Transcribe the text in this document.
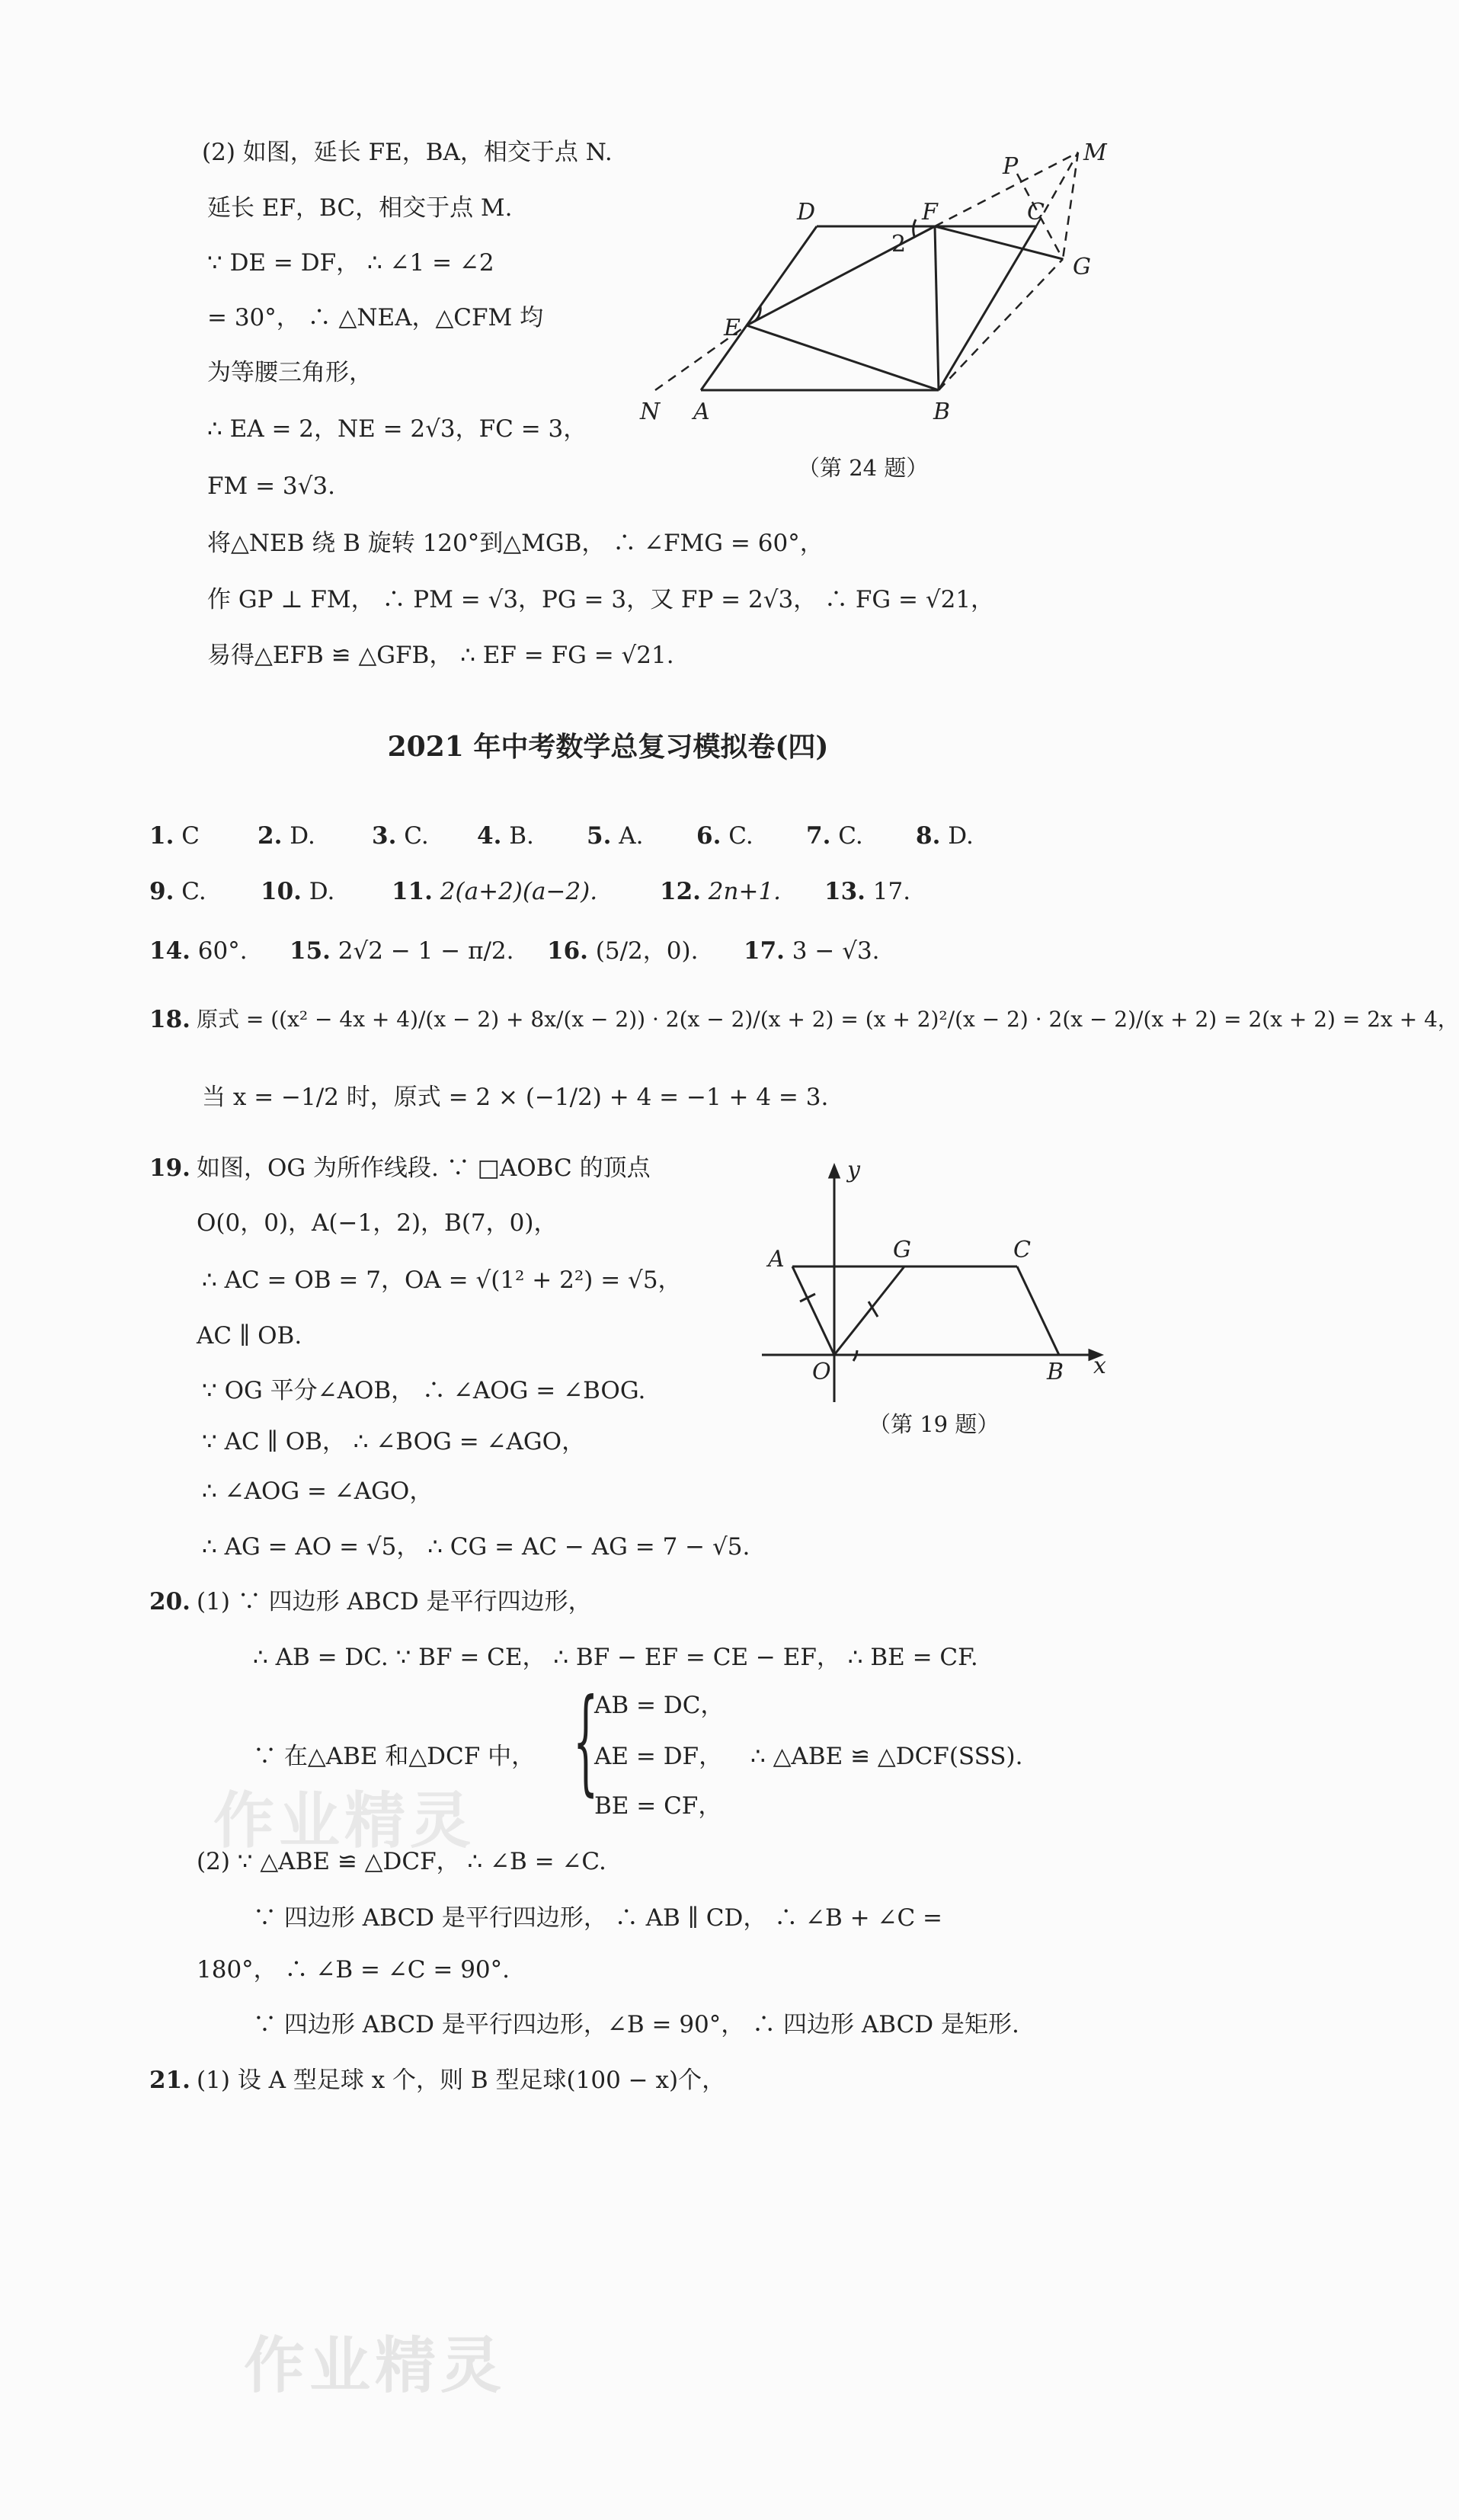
(2) 如图，延长 FE，BA，相交于点 N.
延长 EF，BC，相交于点 M.
∵ DE = DF， ∴ ∠1 = ∠2
= 30°， ∴ △NEA，△CFM 均
为等腰三角形，
∴ EA = 2，NE = 2√3，FC = 3，
FM = 3√3.
将△NEB 绕 B 旋转 120°到△MGB， ∴ ∠FMG = 60°，
作 GP ⊥ FM， ∴ PM = √3，PG = 3，又 FP = 2√3， ∴ FG = √21，
易得△EFB ≌ △GFB， ∴ EF = FG = √21.
D	F	C
P
M
G
E
N A	B
2
（第 24 题）
2021 年中考数学总复习模拟卷(四)
1. C 2. D. 3. C. 4. B. 5. A. 6. C. 7. C. 8. D.
9. C. 10. D. 11. 2(a+2)(a−2).	12. 2n+1. 13. 17.
14. 60°. 15. 2√2 − 1 − π/2. 16. (5/2，0). 17. 3 − √3.
18. 原式 = ((x² − 4x + 4)/(x − 2) + 8x/(x − 2)) · 2(x − 2)/(x + 2) = (x + 2)²/(x − 2) · 2(x − 2)/(x + 2) = 2(x + 2) = 2x + 4，
当 x = −1/2 时，原式 = 2 × (−1/2) + 4 = −1 + 4 = 3.
19. 如图，OG 为所作线段. ∵ □AOBC 的顶点
O(0，0)，A(−1，2)，B(7，0)，
∴ AC = OB = 7，OA = √(1² + 2²) = √5，
AC ∥ OB.
∵ OG 平分∠AOB， ∴ ∠AOG = ∠BOG.
∵ AC ∥ OB， ∴ ∠BOG = ∠AGO，
∴ ∠AOG = ∠AGO，
∴ AG = AO = √5， ∴ CG = AC − AG = 7 − √5.
A	G	C
O	B
y
x
（第 19 题）
20. (1) ∵ 四边形 ABCD 是平行四边形，
∴ AB = DC. ∵ BF = CE， ∴ BF − EF = CE − EF， ∴ BE = CF.
∵ 在△ABE 和△DCF 中， {
AB = DC，
AE = DF，
BE = CF，
∴ △ABE ≌ △DCF(SSS).
(2) ∵ △ABE ≌ △DCF， ∴ ∠B = ∠C.
∵ 四边形 ABCD 是平行四边形， ∴ AB ∥ CD， ∴ ∠B + ∠C =
180°， ∴ ∠B = ∠C = 90°.
∵ 四边形 ABCD 是平行四边形，∠B = 90°， ∴ 四边形 ABCD 是矩形.
21. (1) 设 A 型足球 x 个，则 B 型足球(100 − x)个，
作业精灵
作业精灵
